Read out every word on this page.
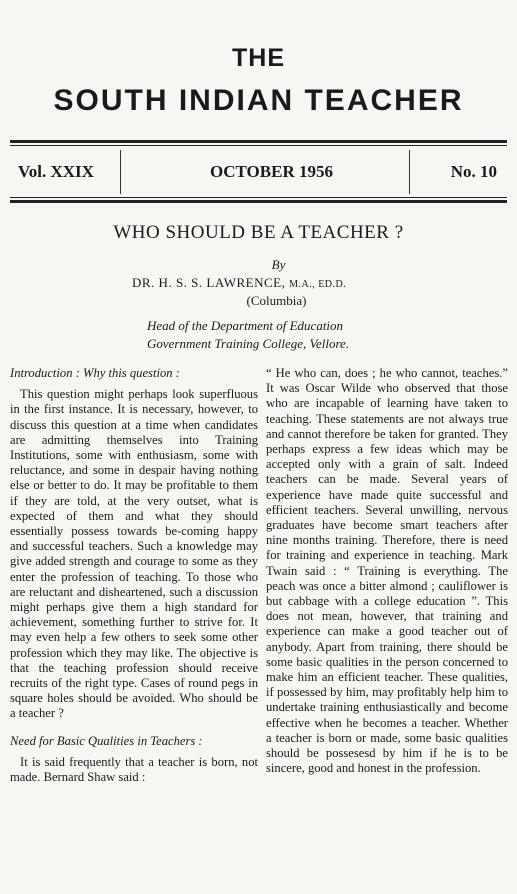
THE
SOUTH INDIAN TEACHER
Vol. XXIX	OCTOBER 1956	No. 10
WHO SHOULD BE A TEACHER ?
By
DR. H. S. S. LAWRENCE, M.A., ED.D.
(Columbia)
Head of the Department of Education
Government Training College, Vellore.

Introduction : Why this question :

This question might perhaps look superfluous in the first instance. It is necessary, however, to discuss this question at a time when candidates are admitting themselves into Training Institutions, some with enthusiasm, some with reluctance, and some in despair having nothing else or better to do. It may be profitable to them if they are told, at the very outset, what is expected of them and what they should essentially possess towards be-coming happy and successful teachers. Such a knowledge may give added strength and courage to some as they enter the profession of teaching. To those who are reluctant and disheartened, such a discussion might perhaps give them a high standard for achievement, something further to strive for. It may even help a few others to seek some other profession which they may like. The objective is that the teaching profession should receive recruits of the right type. Cases of round pegs in square holes should be avoided. Who should be a teacher ?

Need for Basic Qualities in Teachers :

It is said frequently that a teacher is born, not made. Bernard Shaw said :

“ He who can, does ; he who cannot, teaches.” It was Oscar Wilde who observed that those who are incapable of learning have taken to teaching. These statements are not always true and cannot therefore be taken for granted. They perhaps express a few ideas which may be accepted only with a grain of salt. Indeed teachers can be made. Several years of experience have made quite successful and efficient teachers. Several unwilling, nervous graduates have become smart teachers after nine months training. Therefore, there is need for training and experience in teaching. Mark Twain said : “ Training is everything. The peach was once a bitter almond ; cauliflower is but cabbage with a college education ”. This does not mean, however, that training and experience can make a good teacher out of anybody. Apart from training, there should be some basic qualities in the person concerned to make him an efficient teacher. These qualities, if possessed by him, may profitably help him to undertake training enthusiastically and become effective when he becomes a teacher. Whether a teacher is born or made, some basic qualities should be possesesd by him if he is to be sincere, good and honest in the profession.
